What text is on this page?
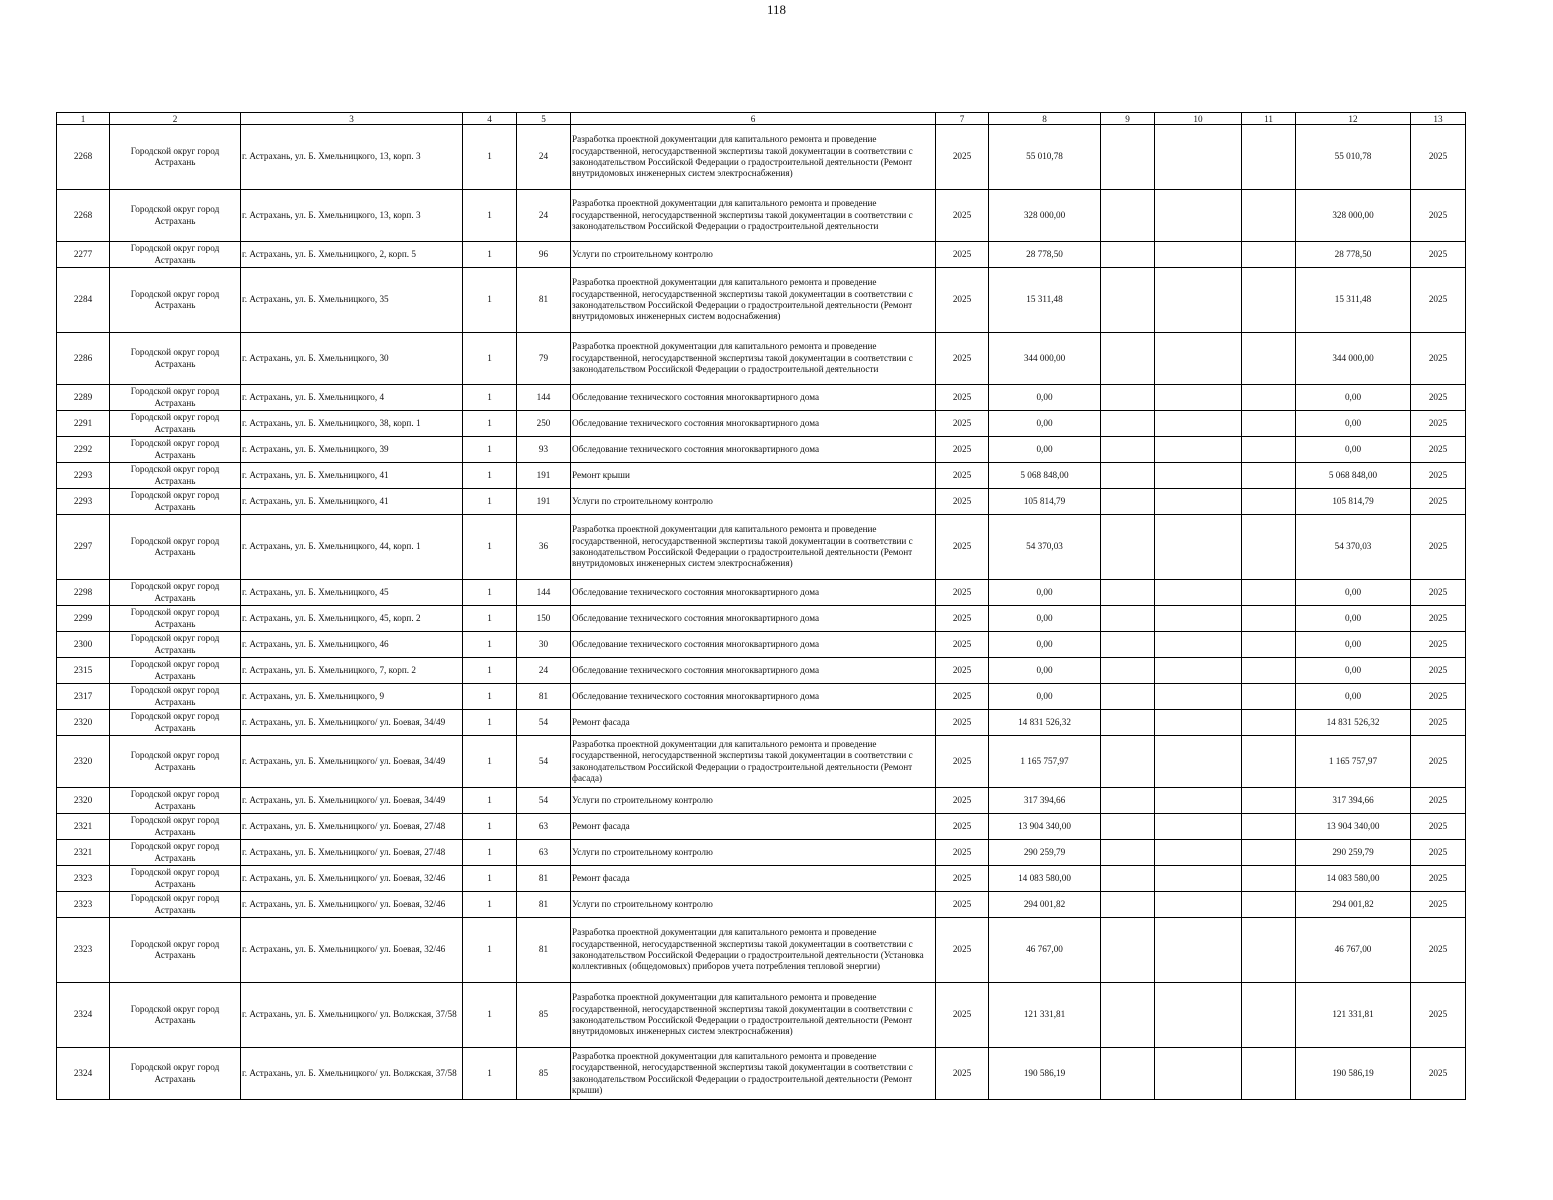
118
1	2	3	4	5	6	7	8	9	10	11	12	13
2268	Городской округ город Астрахань	г. Астрахань, ул. Б. Хмельницкого, 13, корп. 3	1	24	Разработка проектной документации для капитального ремонта и проведение государственной, негосударственной экспертизы такой документации в соответствии с законодательством Российской Федерации о градостроительной деятельности (Ремонт внутридомовых инженерных систем электроснабжения)	2025	55 010,78				55 010,78	2025
2268	Городской округ город Астрахань	г. Астрахань, ул. Б. Хмельницкого, 13, корп. 3	1	24	Разработка проектной документации для капитального ремонта и проведение государственной, негосударственной экспертизы такой документации в соответствии с законодательством Российской Федерации о градостроительной деятельности	2025	328 000,00				328 000,00	2025
2277	Городской округ город Астрахань	г. Астрахань, ул. Б. Хмельницкого, 2, корп. 5	1	96	Услуги по строительному контролю	2025	28 778,50				28 778,50	2025
2284	Городской округ город Астрахань	г. Астрахань, ул. Б. Хмельницкого, 35	1	81	Разработка проектной документации для капитального ремонта и проведение государственной, негосударственной экспертизы такой документации в соответствии с законодательством Российской Федерации о градостроительной деятельности (Ремонт внутридомовых инженерных систем водоснабжения)	2025	15 311,48				15 311,48	2025
2286	Городской округ город Астрахань	г. Астрахань, ул. Б. Хмельницкого, 30	1	79	Разработка проектной документации для капитального ремонта и проведение государственной, негосударственной экспертизы такой документации в соответствии с законодательством Российской Федерации о градостроительной деятельности	2025	344 000,00				344 000,00	2025
2289	Городской округ город Астрахань	г. Астрахань, ул. Б. Хмельницкого, 4	1	144	Обследование технического состояния многоквартирного дома	2025	0,00				0,00	2025
2291	Городской округ город Астрахань	г. Астрахань, ул. Б. Хмельницкого, 38, корп. 1	1	250	Обследование технического состояния многоквартирного дома	2025	0,00				0,00	2025
2292	Городской округ город Астрахань	г. Астрахань, ул. Б. Хмельницкого, 39	1	93	Обследование технического состояния многоквартирного дома	2025	0,00				0,00	2025
2293	Городской округ город Астрахань	г. Астрахань, ул. Б. Хмельницкого, 41	1	191	Ремонт крыши	2025	5 068 848,00				5 068 848,00	2025
2293	Городской округ город Астрахань	г. Астрахань, ул. Б. Хмельницкого, 41	1	191	Услуги по строительному контролю	2025	105 814,79				105 814,79	2025
2297	Городской округ город Астрахань	г. Астрахань, ул. Б. Хмельницкого, 44, корп. 1	1	36	Разработка проектной документации для капитального ремонта и проведение государственной, негосударственной экспертизы такой документации в соответствии с законодательством Российской Федерации о градостроительной деятельности (Ремонт внутридомовых инженерных систем электроснабжения)	2025	54 370,03				54 370,03	2025
2298	Городской округ город Астрахань	г. Астрахань, ул. Б. Хмельницкого, 45	1	144	Обследование технического состояния многоквартирного дома	2025	0,00				0,00	2025
2299	Городской округ город Астрахань	г. Астрахань, ул. Б. Хмельницкого, 45, корп. 2	1	150	Обследование технического состояния многоквартирного дома	2025	0,00				0,00	2025
2300	Городской округ город Астрахань	г. Астрахань, ул. Б. Хмельницкого, 46	1	30	Обследование технического состояния многоквартирного дома	2025	0,00				0,00	2025
2315	Городской округ город Астрахань	г. Астрахань, ул. Б. Хмельницкого, 7, корп. 2	1	24	Обследование технического состояния многоквартирного дома	2025	0,00				0,00	2025
2317	Городской округ город Астрахань	г. Астрахань, ул. Б. Хмельницкого, 9	1	81	Обследование технического состояния многоквартирного дома	2025	0,00				0,00	2025
2320	Городской округ город Астрахань	г. Астрахань, ул. Б. Хмельницкого/ ул. Боевая, 34/49	1	54	Ремонт фасада	2025	14 831 526,32				14 831 526,32	2025
2320	Городской округ город Астрахань	г. Астрахань, ул. Б. Хмельницкого/ ул. Боевая, 34/49	1	54	Разработка проектной документации для капитального ремонта и проведение государственной, негосударственной экспертизы такой документации в соответствии с законодательством Российской Федерации о градостроительной деятельности (Ремонт фасада)	2025	1 165 757,97				1 165 757,97	2025
2320	Городской округ город Астрахань	г. Астрахань, ул. Б. Хмельницкого/ ул. Боевая, 34/49	1	54	Услуги по строительному контролю	2025	317 394,66				317 394,66	2025
2321	Городской округ город Астрахань	г. Астрахань, ул. Б. Хмельницкого/ ул. Боевая, 27/48	1	63	Ремонт фасада	2025	13 904 340,00				13 904 340,00	2025
2321	Городской округ город Астрахань	г. Астрахань, ул. Б. Хмельницкого/ ул. Боевая, 27/48	1	63	Услуги по строительному контролю	2025	290 259,79				290 259,79	2025
2323	Городской округ город Астрахань	г. Астрахань, ул. Б. Хмельницкого/ ул. Боевая, 32/46	1	81	Ремонт фасада	2025	14 083 580,00				14 083 580,00	2025
2323	Городской округ город Астрахань	г. Астрахань, ул. Б. Хмельницкого/ ул. Боевая, 32/46	1	81	Услуги по строительному контролю	2025	294 001,82				294 001,82	2025
2323	Городской округ город Астрахань	г. Астрахань, ул. Б. Хмельницкого/ ул. Боевая, 32/46	1	81	Разработка проектной документации для капитального ремонта и проведение государственной, негосударственной экспертизы такой документации в соответствии с законодательством Российской Федерации о градостроительной деятельности (Установка коллективных (общедомовых) приборов учета потребления тепловой энергии)	2025	46 767,00				46 767,00	2025
2324	Городской округ город Астрахань	г. Астрахань, ул. Б. Хмельницкого/ ул. Волжская, 37/58	1	85	Разработка проектной документации для капитального ремонта и проведение государственной, негосударственной экспертизы такой документации в соответствии с законодательством Российской Федерации о градостроительной деятельности (Ремонт внутридомовых инженерных систем электроснабжения)	2025	121 331,81				121 331,81	2025
2324	Городской округ город Астрахань	г. Астрахань, ул. Б. Хмельницкого/ ул. Волжская, 37/58	1	85	Разработка проектной документации для капитального ремонта и проведение государственной, негосударственной экспертизы такой документации в соответствии с законодательством Российской Федерации о градостроительной деятельности (Ремонт крыши)	2025	190 586,19				190 586,19	2025
